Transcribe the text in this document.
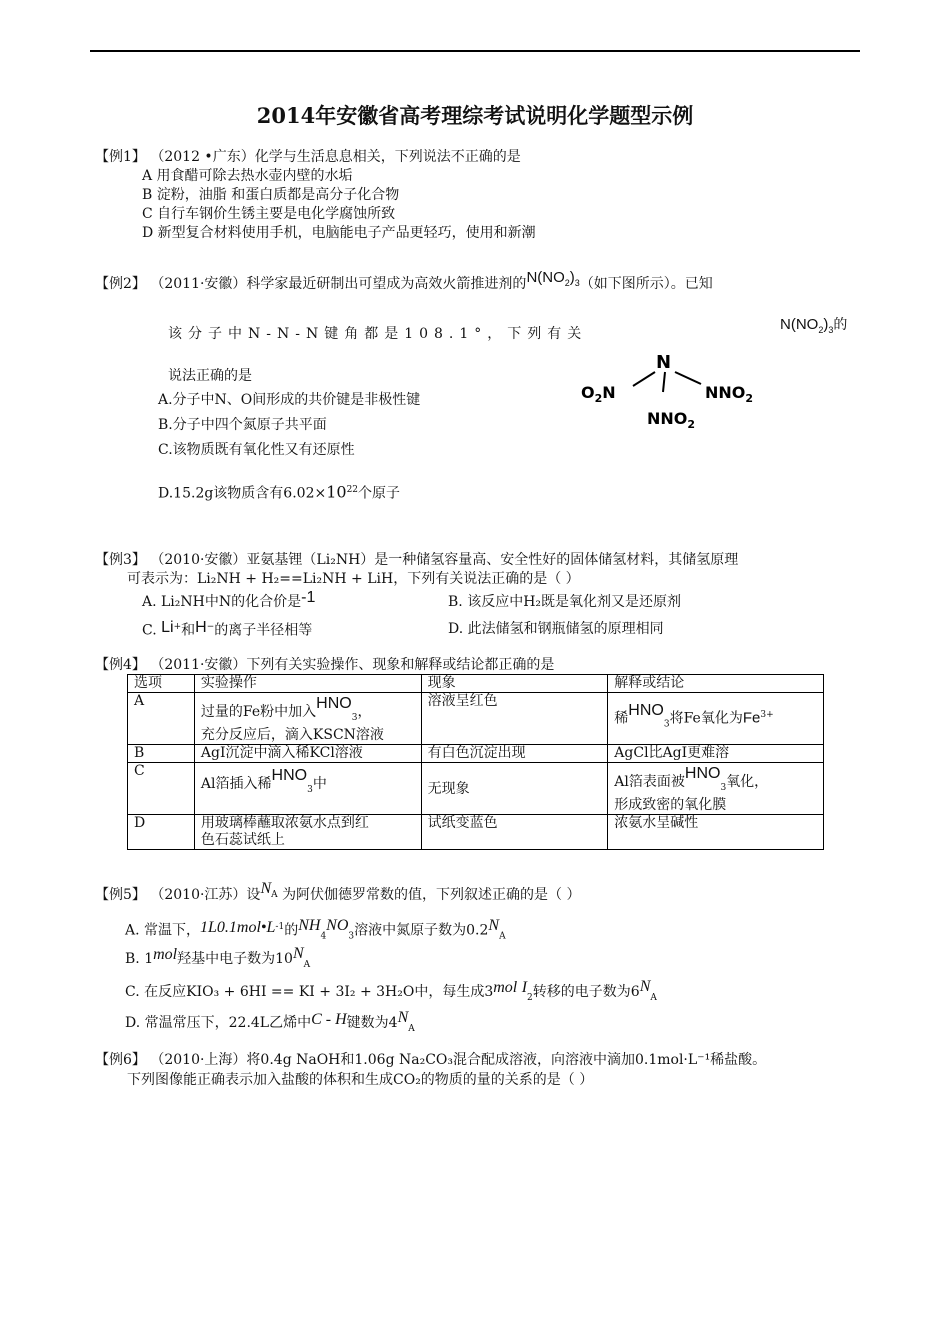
2014年安徽省高考理综考试说明化学题型示例
【例1】 （2012 •广东）化学与生活息息相关，下列说法不正确的是
A 用食醋可除去热水壶内壁的水垢
B 淀粉，油脂 和蛋白质都是高分子化合物
C 自行车钢价生锈主要是电化学腐蚀所致
D 新型复合材料使用手机，电脑能电子产品更轻巧，使用和新潮
【例2】 （2011·安徽）科学家最近研制出可望成为高效火箭推进剂的$N(NO_2)_3$（如下图所示）。已知
该分子中N-N-N键角都是108.1°，下列有关
$N(NO_2)_3$的
说法正确的是
A.分子中N、O间形成的共价键是非极性键
B.分子中四个氮原子共平面
C.该物质既有氧化性又有还原性
D.15.2g该物质含有$6.02\times 10^{22}$个原子
N
$O_2N$	$NNO_2$
$NNO_2$
【例3】 （2010·安徽）亚氨基锂（Li₂NH）是一种储氢容量高、安全性好的固体储氢材料，其储氢原理
可表示为：Li₂NH + H₂==Li₂NH + LiH，下列有关说法正确的是（ ）
A. Li₂NH中N的化合价是-1	B. 该反应中H₂既是氧化剂又是还原剂
C. Li+和H−的离子半径相等	D. 此法储氢和钢瓶储氢的原理相同
【例4】 （2011·安徽）下列有关实验操作、现象和解释或结论都正确的是
选项	实验操作	现象	解释或结论
A	过量的Fe粉中加入$HNO_3$，
充分反应后，滴入KSCN溶液	溶液呈红色	稀$HNO_3$将Fe氧化为$Fe^{3+}$

B	AgI沉淀中滴入稀KCl溶液	有白色沉淀出现	AgCl比AgI更难溶
C	Al箔插入稀$HNO_3$中	无现象	Al箔表面被$HNO_3$氧化，
形成致密的氧化膜

D	用玻璃棒蘸取浓氨水点到红
色石蕊试纸上	试纸变蓝色	浓氨水呈碱性
【例5】 （2010·江苏）设$N_A$ 为阿伏伽德罗常数的值，下列叙述正确的是（ ）
A. 常温下，$1L0.1mol•L^{-1}$的$NH_4NO_3$溶液中氮原子数为$0.2N_A$
B. 1mol羟基中电子数为$10N_A$
C. 在反应KIO₃ + 6HI == KI + 3I₂ + 3H₂O中，每生成3mol $I_2$转移的电子数为$6N_A$
D. 常温常压下，22.4L乙烯中C - H键数为$4N_A$
【例6】 （2010·上海）将0.4g NaOH和1.06g Na₂CO₃混合配成溶液，向溶液中滴加0.1mol·L⁻¹稀盐酸。
下列图像能正确表示加入盐酸的体积和生成CO₂的物质的量的关系的是（ ）
